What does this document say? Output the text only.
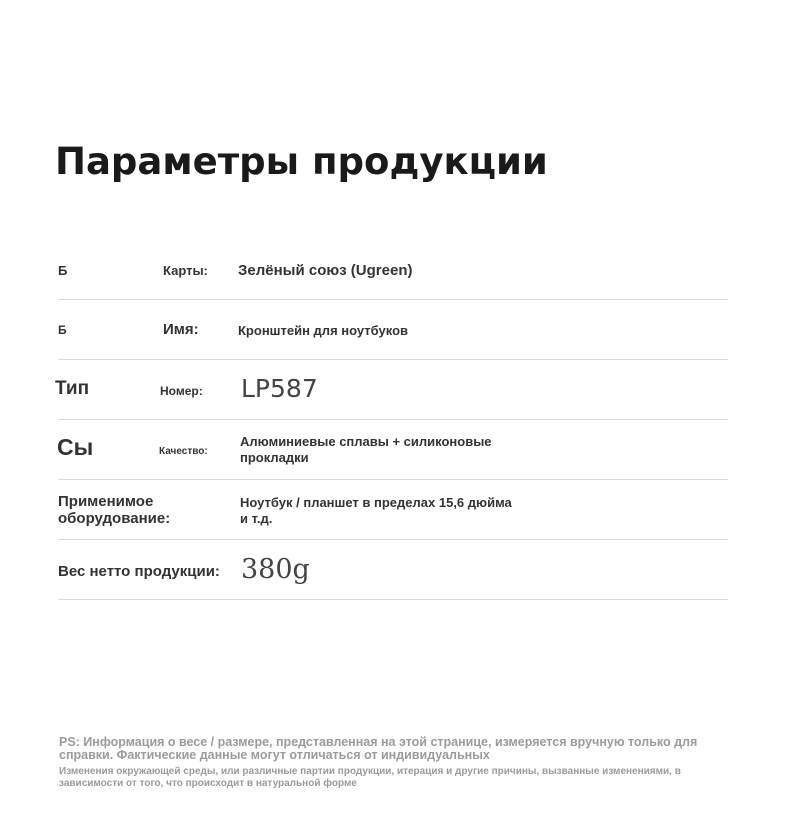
Параметры продукции
Б	Карты: Зелёный союз (Ugreen)
Б	Имя:	Кронштейн для ноутбуков
Тип	Номер: LP587
Сы	Качество:
Алюминиевые сплавы + силиконовые прокладки
Применимое оборудование:
Ноутбук / планшет в пределах 15,6 дюйма и т.д.
Вес нетто продукции: 380g

PS: Информация о весе / размере, представленная на этой странице, измеряется вручную только для справки. Фактические данные могут отличаться от индивидуальных

Изменения окружающей среды, или различные партии продукции, итерация и другие причины, вызванные изменениями, в зависимости от того, что происходит в натуральной форме
